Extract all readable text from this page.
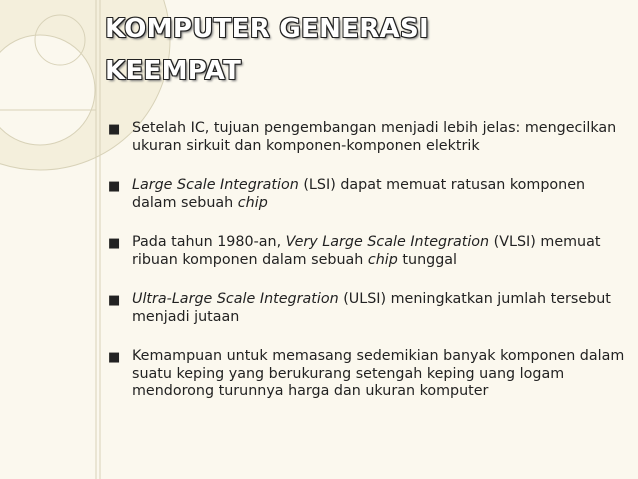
KOMPUTER GENERASI
KEEMPAT
■ Setelah IC, tujuan pengembangan menjadi lebih jelas: mengecilkan ukuran sirkuit dan komponen-komponen elektrik
■ Large Scale Integration (LSI) dapat memuat ratusan komponen dalam sebuah chip
■ Pada tahun 1980-an, Very Large Scale Integration (VLSI) memuat ribuan komponen dalam sebuah chip tunggal
■ Ultra-Large Scale Integration (ULSI) meningkatkan jumlah tersebut menjadi jutaan
■ Kemampuan untuk memasang sedemikian banyak komponen dalam suatu keping yang berukurang setengah keping uang logam mendorong turunnya harga dan ukuran komputer
